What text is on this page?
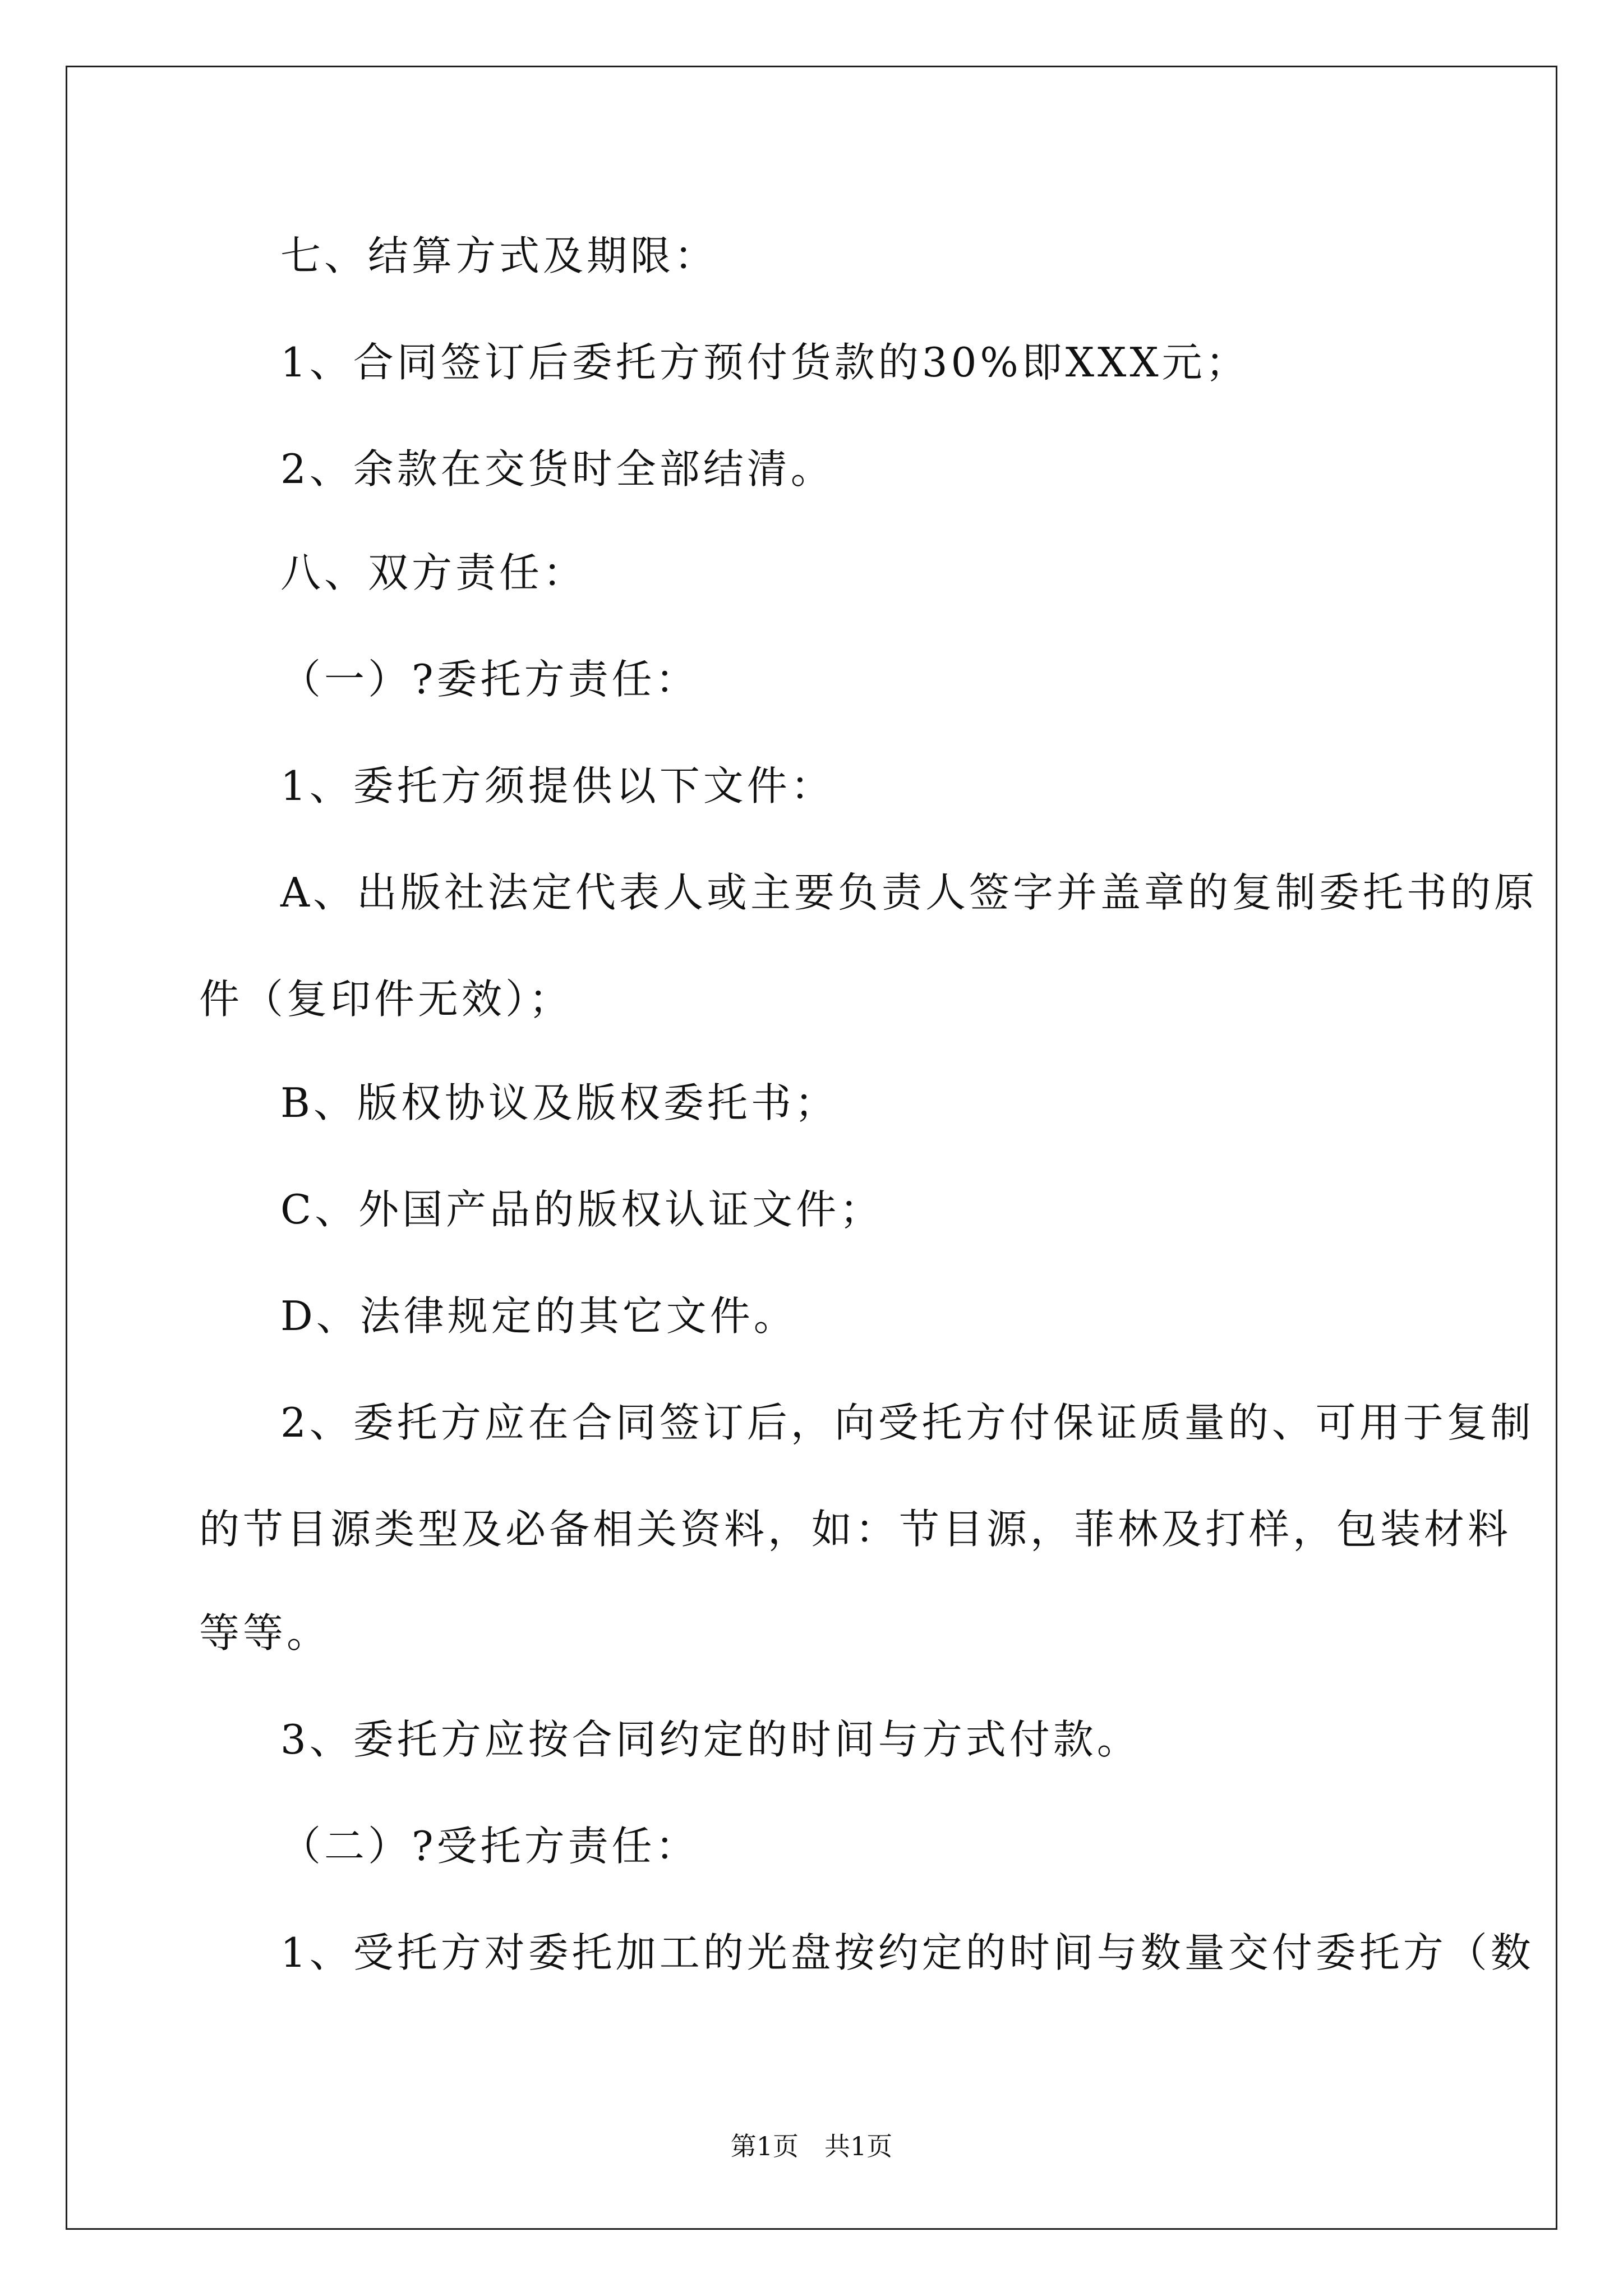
七、结算方式及期限：
1、合同签订后委托方预付货款的30%即XXX元；
2、余款在交货时全部结清。
八、双方责任：
（一）?委托方责任：
1、委托方须提供以下文件：
A、出版社法定代表人或主要负责人签字并盖章的复制委托书的原
件（复印件无效）；
B、版权协议及版权委托书；
C、外国产品的版权认证文件；
D、法律规定的其它文件。
2、委托方应在合同签订后，向受托方付保证质量的、可用于复制
的节目源类型及必备相关资料，如：节目源，菲林及打样，包装材料
等等。
3、委托方应按合同约定的时间与方式付款。
（二）?受托方责任：
1、受托方对委托加工的光盘按约定的时间与数量交付委托方（数
第1页　共1页
